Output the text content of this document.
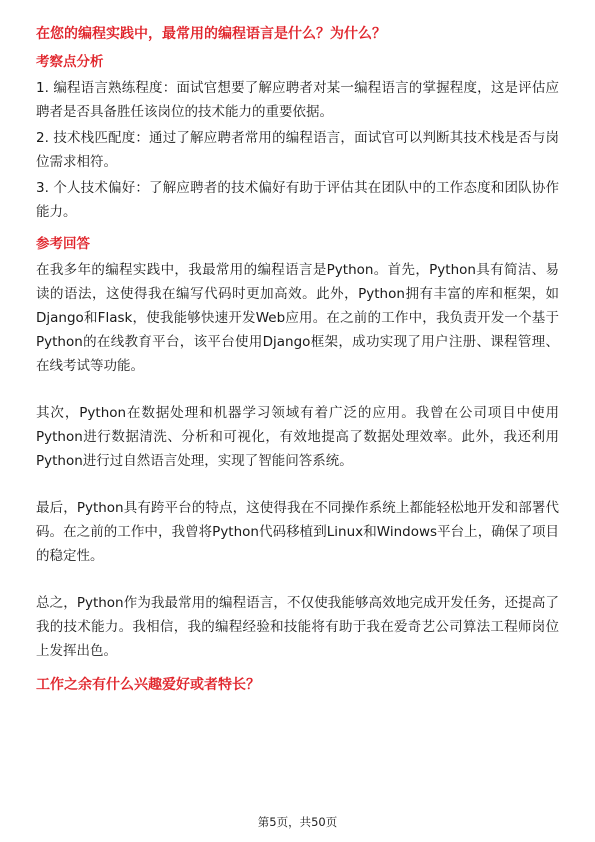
在您的编程实践中，最常用的编程语言是什么？为什么？
考察点分析
1. 编程语言熟练程度：面试官想要了解应聘者对某一编程语言的掌握程度，这是评估应聘者是否具备胜任该岗位的技术能力的重要依据。
2. 技术栈匹配度：通过了解应聘者常用的编程语言，面试官可以判断其技术栈是否与岗位需求相符。
3. 个人技术偏好：了解应聘者的技术偏好有助于评估其在团队中的工作态度和团队协作能力。
参考回答
在我多年的编程实践中，我最常用的编程语言是Python。首先，Python具有简洁、易读的语法，这使得我在编写代码时更加高效。此外，Python拥有丰富的库和框架，如Django和Flask，使我能够快速开发Web应用。在之前的工作中，我负责开发一个基于Python的在线教育平台，该平台使用Django框架，成功实现了用户注册、课程管理、在线考试等功能。
其次，Python在数据处理和机器学习领域有着广泛的应用。我曾在公司项目中使用Python进行数据清洗、分析和可视化，有效地提高了数据处理效率。此外，我还利用Python进行过自然语言处理，实现了智能问答系统。
最后，Python具有跨平台的特点，这使得我在不同操作系统上都能轻松地开发和部署代码。在之前的工作中，我曾将Python代码移植到Linux和Windows平台上，确保了项目的稳定性。
总之，Python作为我最常用的编程语言，不仅使我能够高效地完成开发任务，还提高了我的技术能力。我相信，我的编程经验和技能将有助于我在爱奇艺公司算法工程师岗位上发挥出色。
工作之余有什么兴趣爱好或者特长？
第5页，共50页
